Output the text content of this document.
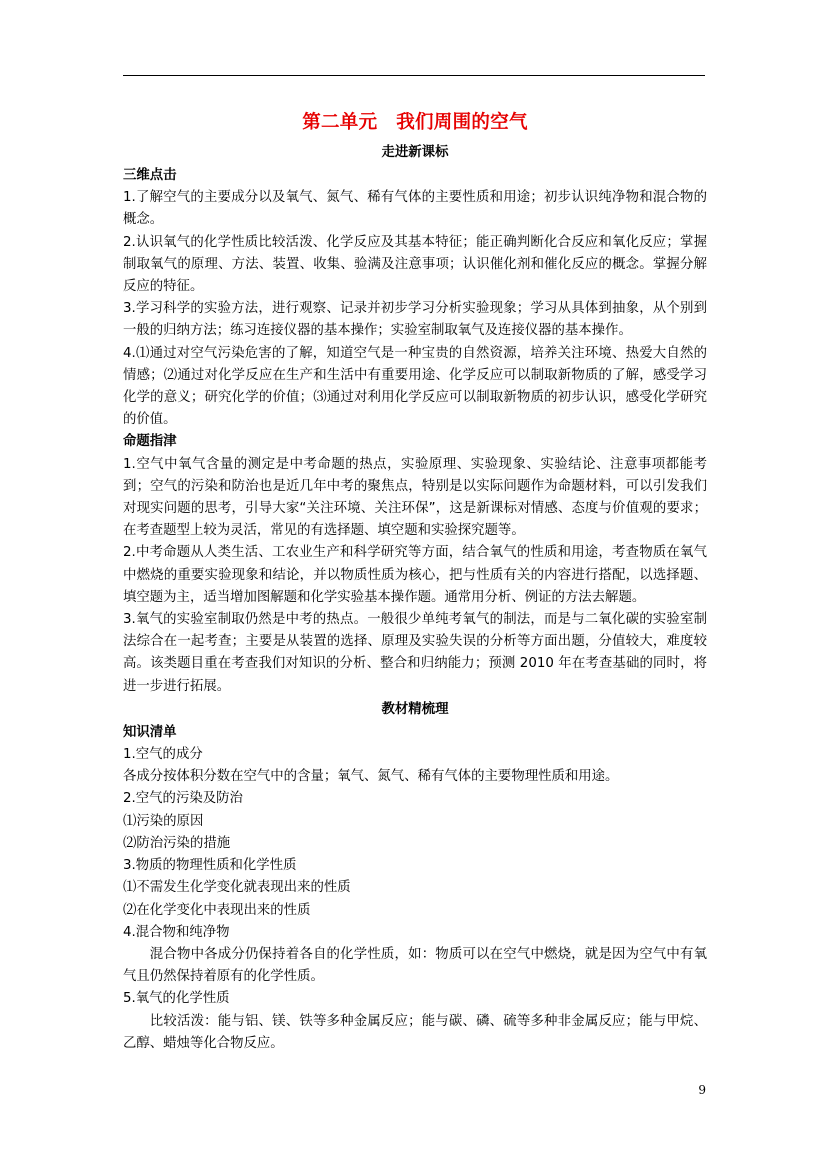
第二单元　我们周围的空气

走进新课标

三维点击

1.了解空气的主要成分以及氧气、氮气、稀有气体的主要性质和用途；初步认识纯净物和混合物的概念。

2.认识氧气的化学性质比较活泼、化学反应及其基本特征；能正确判断化合反应和氧化反应；掌握制取氧气的原理、方法、装置、收集、验满及注意事项；认识催化剂和催化反应的概念。掌握分解反应的特征。

3.学习科学的实验方法，进行观察、记录并初步学习分析实验现象；学习从具体到抽象，从个别到一般的归纳方法；练习连接仪器的基本操作；实验室制取氧气及连接仪器的基本操作。

4.⑴通过对空气污染危害的了解，知道空气是一种宝贵的自然资源，培养关注环境、热爱大自然的情感；⑵通过对化学反应在生产和生活中有重要用途、化学反应可以制取新物质的了解，感受学习化学的意义；研究化学的价值；⑶通过对利用化学反应可以制取新物质的初步认识，感受化学研究的价值。

命题指津

1.空气中氧气含量的测定是中考命题的热点，实验原理、实验现象、实验结论、注意事项都能考到；空气的污染和防治也是近几年中考的聚焦点，特别是以实际问题作为命题材料，可以引发我们对现实问题的思考，引导大家“关注环境、关注环保”，这是新课标对情感、态度与价值观的要求；在考查题型上较为灵活，常见的有选择题、填空题和实验探究题等。

2.中考命题从人类生活、工农业生产和科学研究等方面，结合氧气的性质和用途，考查物质在氧气中燃烧的重要实验现象和结论，并以物质性质为核心，把与性质有关的内容进行搭配，以选择题、填空题为主，适当增加图解题和化学实验基本操作题。通常用分析、例证的方法去解题。

3.氧气的实验室制取仍然是中考的热点。一般很少单纯考氧气的制法，而是与二氧化碳的实验室制法综合在一起考查；主要是从装置的选择、原理及实验失误的分析等方面出题，分值较大，难度较高。该类题目重在考查我们对知识的分析、整合和归纳能力；预测 2010 年在考查基础的同时，将进一步进行拓展。

教材精梳理

知识清单

1.空气的成分

各成分按体积分数在空气中的含量；氧气、氮气、稀有气体的主要物理性质和用途。

2.空气的污染及防治

⑴污染的原因

⑵防治污染的措施

3.物质的物理性质和化学性质

⑴不需发生化学变化就表现出来的性质

⑵在化学变化中表现出来的性质

4.混合物和纯净物

混合物中各成分仍保持着各自的化学性质，如：物质可以在空气中燃烧，就是因为空气中有氧气且仍然保持着原有的化学性质。

5.氧气的化学性质

比较活泼：能与铝、镁、铁等多种金属反应；能与碳、磷、硫等多种非金属反应；能与甲烷、乙醇、蜡烛等化合物反应。

9
